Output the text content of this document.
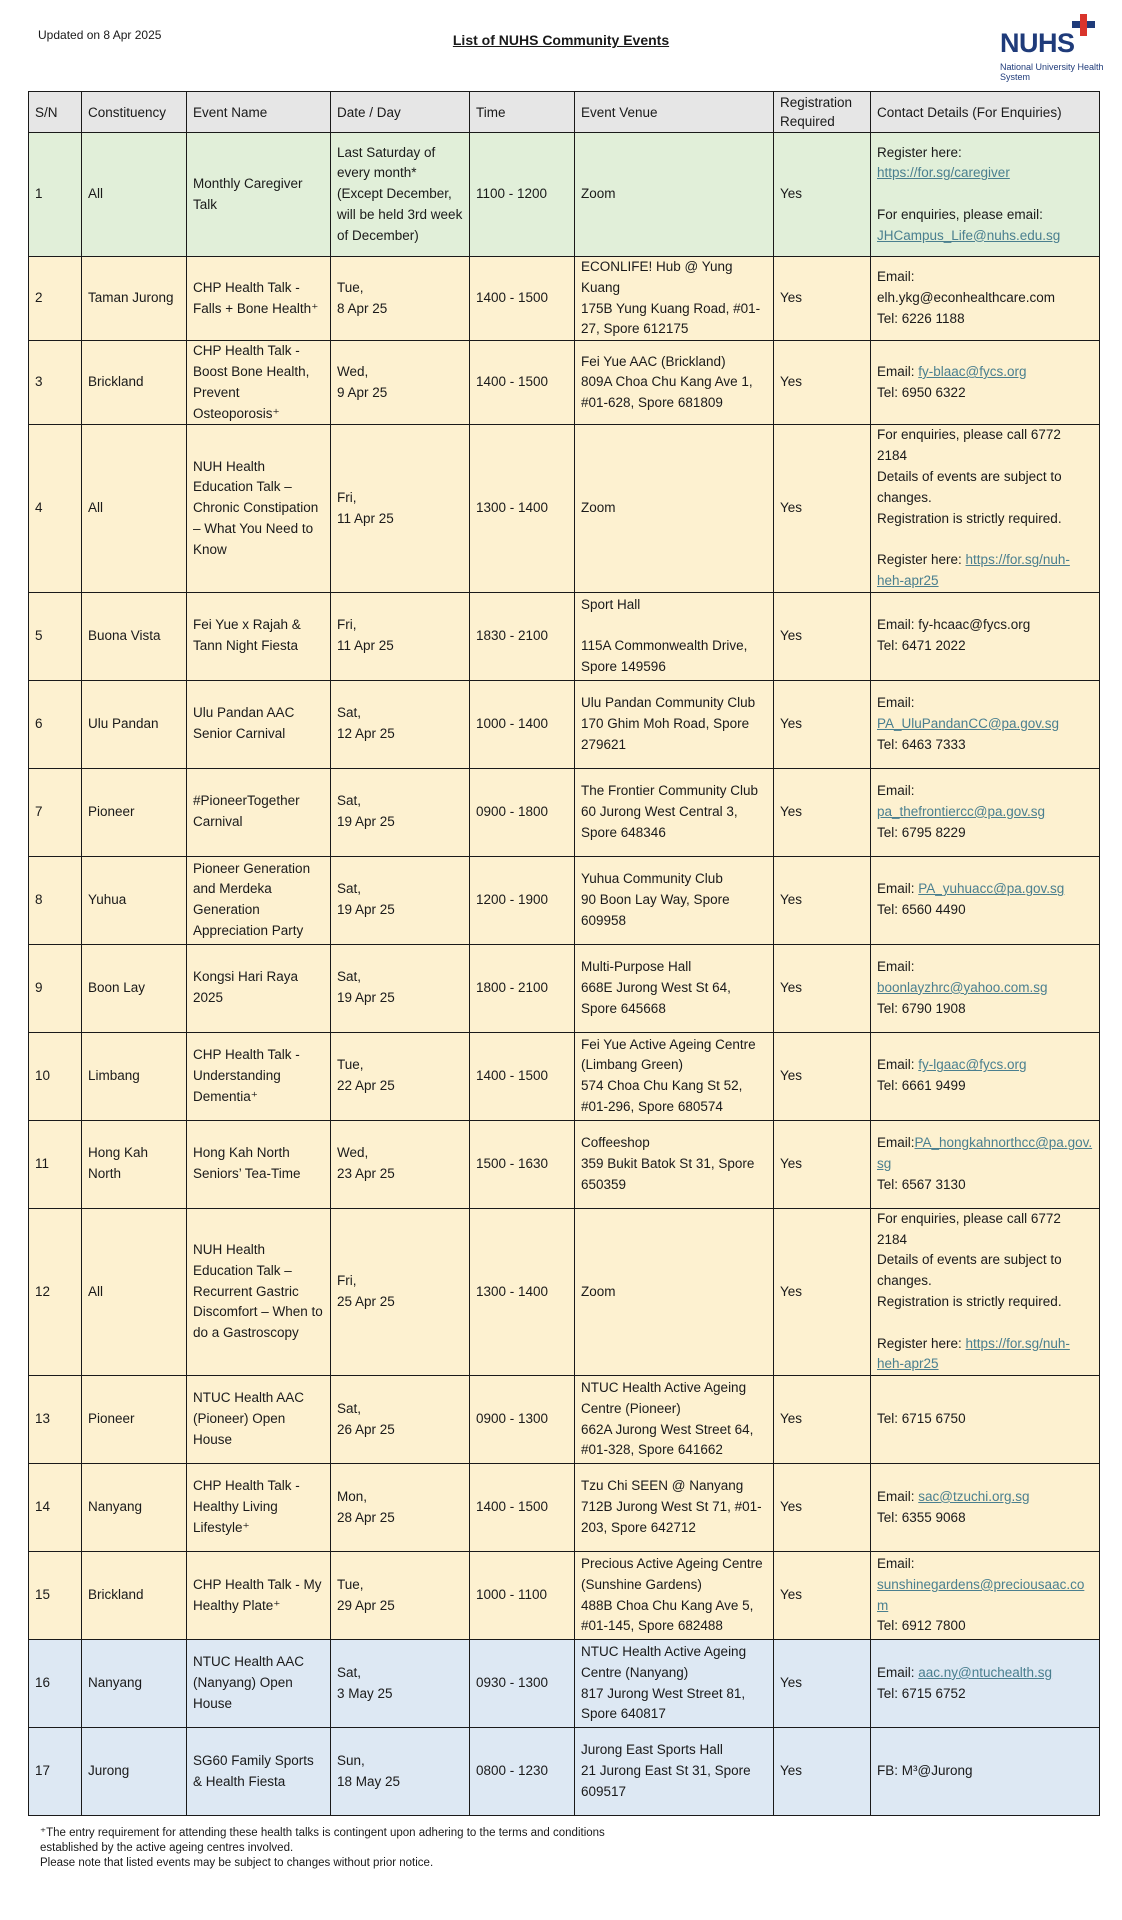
Updated on 8 Apr 2025	List of NUHS Community Events	NUHS
National University Health System
S/N	Constituency	Event Name	Date / Day	Time	Event Venue	Registration Required	Contact Details (For Enquiries)
1	All	Monthly Caregiver Talk	Last Saturday of every month*
(Except December, will be held 3rd week of December)	1100 - 1200	Zoom	Yes	Register here:
https://for.sg/caregiver

For enquiries, please email:
JHCampus_Life@nuhs.edu.sg

2	Taman Jurong	CHP Health Talk - Falls + Bone Health⁺	Tue,
8 Apr 25	1400 - 1500	ECONLIFE! Hub @ Yung Kuang
175B Yung Kuang Road, #01-27, Spore 612175	Yes	Email:
elh.ykg@econhealthcare.com
Tel: 6226 1188

3	Brickland	CHP Health Talk - Boost Bone Health, Prevent Osteoporosis⁺	Wed,
9 Apr 25	1400 - 1500	Fei Yue AAC (Brickland)
809A Choa Chu Kang Ave 1, #01-628, Spore 681809	Yes	Email: fy-blaac@fycs.org
Tel: 6950 6322

4	All	NUH Health Education Talk – Chronic Constipation – What You Need to Know	Fri,
11 Apr 25	1300 - 1400	Zoom	Yes	For enquiries, please call 6772 2184
Details of events are subject to changes.
Registration is strictly required.

Register here: https://for.sg/nuh-heh-apr25

5	Buona Vista	Fei Yue x Rajah & Tann Night Fiesta	Fri,
11 Apr 25	1830 - 2100	Sport Hall

115A Commonwealth Drive, Spore 149596	Yes	Email: fy-hcaac@fycs.org
Tel: 6471 2022

6	Ulu Pandan	Ulu Pandan AAC Senior Carnival	Sat,
12 Apr 25	1000 - 1400	Ulu Pandan Community Club
170 Ghim Moh Road, Spore 279621	Yes	Email:
PA_UluPandanCC@pa.gov.sg
Tel: 6463 7333

7	Pioneer	#PioneerTogether Carnival	Sat,
19 Apr 25	0900 - 1800	The Frontier Community Club
60 Jurong West Central 3, Spore 648346	Yes	Email:
pa_thefrontiercc@pa.gov.sg
Tel: 6795 8229

8	Yuhua	Pioneer Generation and Merdeka Generation Appreciation Party	Sat,
19 Apr 25	1200 - 1900	Yuhua Community Club
90 Boon Lay Way, Spore 609958	Yes	Email: PA_yuhuacc@pa.gov.sg
Tel: 6560 4490

9	Boon Lay	Kongsi Hari Raya 2025	Sat,
19 Apr 25	1800 - 2100	Multi-Purpose Hall
668E Jurong West St 64, Spore 645668	Yes	Email:
boonlayzhrc@yahoo.com.sg
Tel: 6790 1908

10	Limbang	CHP Health Talk - Understanding Dementia⁺	Tue,
22 Apr 25	1400 - 1500	Fei Yue Active Ageing Centre (Limbang Green)
574 Choa Chu Kang St 52, #01-296, Spore 680574	Yes	Email: fy-lgaac@fycs.org
Tel: 6661 9499

11	Hong Kah North	Hong Kah North Seniors’ Tea-Time	Wed,
23 Apr 25	1500 - 1630	Coffeeshop
359 Bukit Batok St 31, Spore 650359	Yes	Email:PA_hongkahnorthcc@pa.gov.sg
Tel: 6567 3130

12	All	NUH Health Education Talk – Recurrent Gastric Discomfort – When to do a Gastroscopy	Fri,
25 Apr 25	1300 - 1400	Zoom	Yes	For enquiries, please call 6772 2184
Details of events are subject to changes.
Registration is strictly required.

Register here: https://for.sg/nuh-heh-apr25

13	Pioneer	NTUC Health AAC (Pioneer) Open House	Sat,
26 Apr 25	0900 - 1300	NTUC Health Active Ageing Centre (Pioneer)
662A Jurong West Street 64, #01-328, Spore 641662	Yes	Tel: 6715 6750

14	Nanyang	CHP Health Talk - Healthy Living Lifestyle⁺	Mon,
28 Apr 25	1400 - 1500	Tzu Chi SEEN @ Nanyang
712B Jurong West St 71, #01-203, Spore 642712	Yes	Email: sac@tzuchi.org.sg
Tel: 6355 9068

15	Brickland	CHP Health Talk - My Healthy Plate⁺	Tue,
29 Apr 25	1000 - 1100	Precious Active Ageing Centre (Sunshine Gardens)
488B Choa Chu Kang Ave 5, #01-145, Spore 682488	Yes	Email:
sunshinegardens@preciousaac.com
Tel: 6912 7800

16	Nanyang	NTUC Health AAC (Nanyang) Open House	Sat,
3 May 25	0930 - 1300	NTUC Health Active Ageing Centre (Nanyang)
817 Jurong West Street 81, Spore 640817	Yes	Email: aac.ny@ntuchealth.sg
Tel: 6715 6752

17	Jurong	SG60 Family Sports & Health Fiesta	Sun,
18 May 25	0800 - 1230	Jurong East Sports Hall
21 Jurong East St 31, Spore 609517	Yes	FB: M³@Jurong
⁺The entry requirement for attending these health talks is contingent upon adhering to the terms and conditions established by the active ageing centres involved.
Please note that listed events may be subject to changes without prior notice.
